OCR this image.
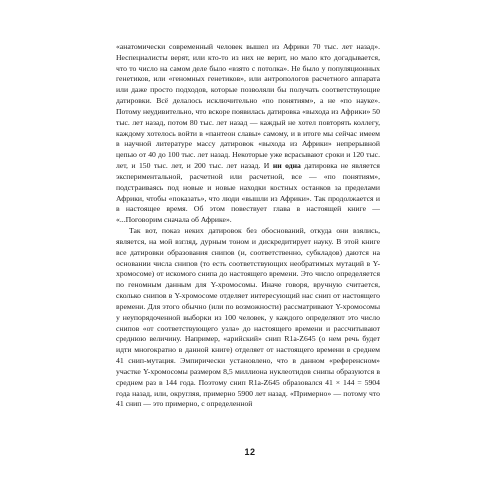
«анатомически современный человек вышел из Африки 70 тыс. лет назад». Неспециалисты верят, или кто-то из них не верит, но мало кто догадывается, что то число на самом деле было «взято с потолка». Не было у популяционных генетиков, или «геномных генетиков», или антропологов расчетного аппарата или даже просто подходов, которые позволяли бы получать соответствующие датировки. Всё делалось исключительно «по понятиям», а не «по науке». Потому неудивительно, что вскоре появилась датировка «выхода из Африки» 50 тыс. лет назад, потом 80 тыс. лет назад — каждый не хотел повторять коллегу, каждому хотелось войти в «пантеон славы» самому, и в итоге мы сейчас имеем в научной литературе массу датировок «выхода из Африки» непрерывной цепью от 40 до 100 тыс. лет назад. Некоторые уже всрасывают сроки и 120 тыс. лет, и 150 тыс. лет, и 200 тыс. лет назад. И ни одна датировка не является экспериментальной, расчетной или расчетной, все — «по понятиям», подстраиваясь под новые и новые находки костных останков за пределами Африки, чтобы «показать», что люди «вышли из Африки». Так продолжается и в настоящее время. Об этом повествует глава в настоящей книге — «...Поговорим сначала об Африке».

Так вот, показ неких датировок без обоснований, откуда они взялись, является, на мой взгляд, дурным тоном и дискредитирует науку. В этой книге все датировки образования снипов (и, соответственно, субкладов) даются на основании числа снипов (то есть соответствующих необратимых мутаций в Y-хромосоме) от искомого снипа до настоящего времени. Это число определяется по геномным данным для Y-хромосомы. Иначе говоря, вручную считается, сколько снипов в Y-хромосоме отделяет интересующий нас снип от настоящего времени. Для этого обычно (или по возможности) рассматривают Y-хромосомы у неупорядоченной выборки из 100 человек, у каждого определяют это число снипов «от соответствующего узла» до настоящего времени и рассчитывают среднюю величину. Например, «арийский» снип R1a-Z645 (о нем речь будет идти многократно в данной книге) отделяет от настоящего времени в среднем 41 снип-мутация. Эмпирически установлено, что в данном «референсном» участке Y-хромосомы размером 8,5 миллиона нуклеотидов снипы образуются в среднем раз в 144 года. Поэтому снип R1a-Z645 образовался 41 × 144 = 5904 года назад, или, округляя, примерно 5900 лет назад. «Примерно» — потому что 41 снип — это примерно, с определенной

12
